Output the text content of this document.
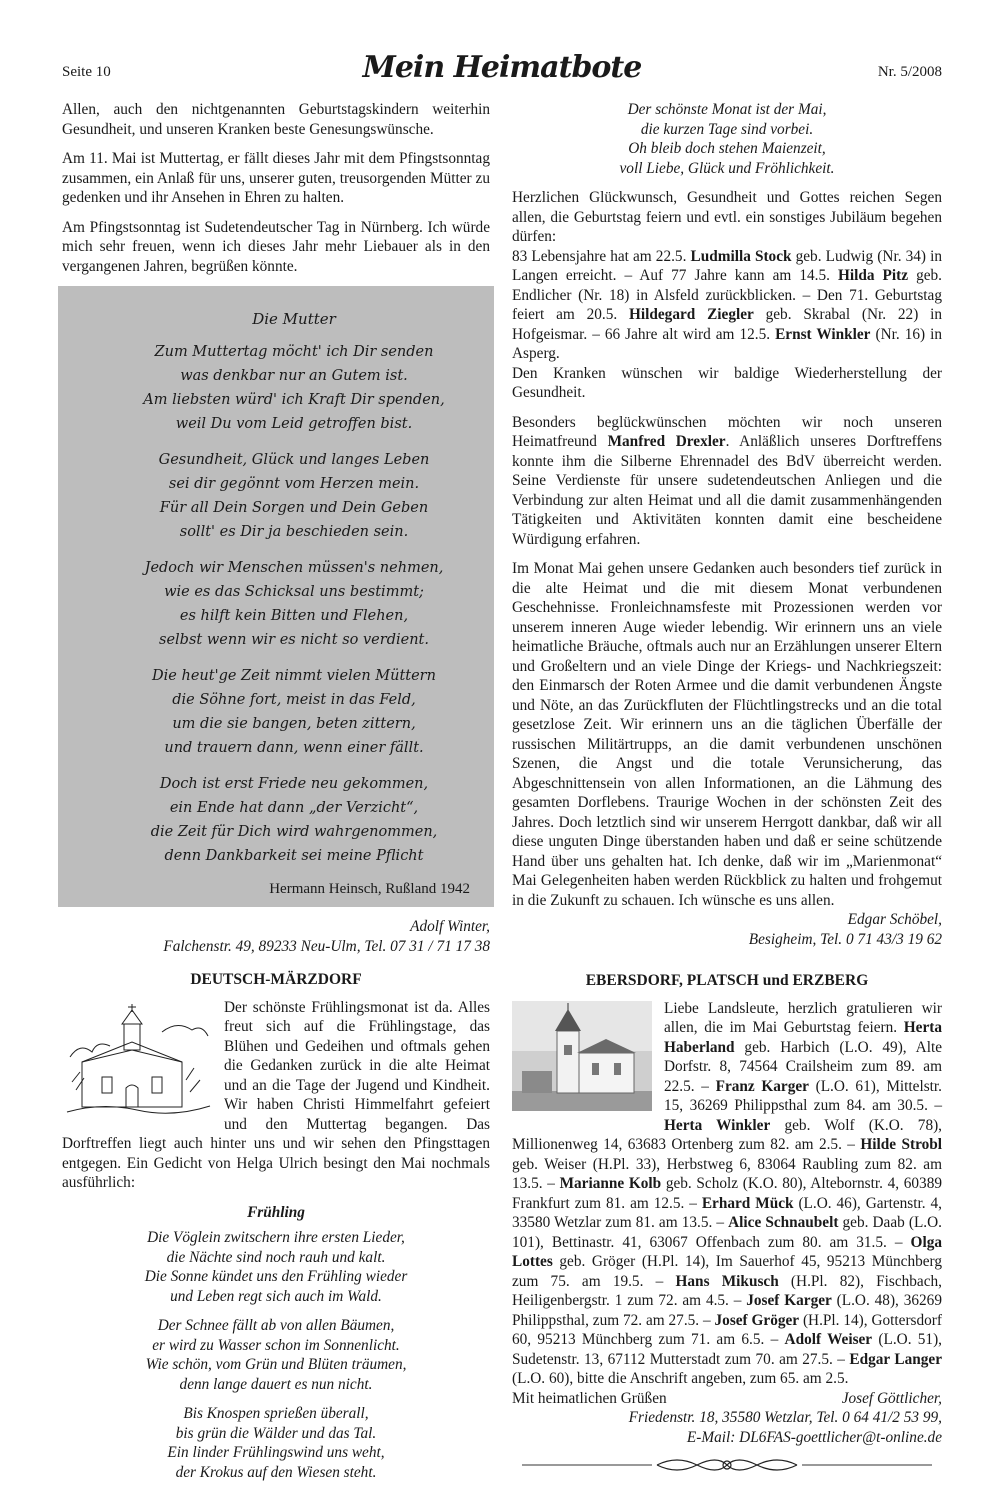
Seite 10	Mein Heimatbote	Nr. 5/2008

Allen, auch den nichtgenannten Geburtstagskindern weiterhin Gesundheit, und unseren Kranken beste Genesungswünsche.

Am 11. Mai ist Muttertag, er fällt dieses Jahr mit dem Pfingstsonntag zusammen, ein Anlaß für uns, unserer guten, treusorgenden Mütter zu gedenken und ihr Ansehen in Ehren zu halten.

Am Pfingstsonntag ist Sudetendeutscher Tag in Nürnberg. Ich würde mich sehr freuen, wenn ich dieses Jahr mehr Liebauer als in den vergangenen Jahren, begrüßen könnte.

Die Mutter
Zum Muttertag möcht' ich Dir senden
was denkbar nur an Gutem ist.
Am liebsten würd' ich Kraft Dir spenden,
weil Du vom Leid getroffen bist.
Gesundheit, Glück und langes Leben
sei dir gegönnt vom Herzen mein.
Für all Dein Sorgen und Dein Geben
sollt' es Dir ja beschieden sein.
Jedoch wir Menschen müssen's nehmen,
wie es das Schicksal uns bestimmt;
es hilft kein Bitten und Flehen,
selbst wenn wir es nicht so verdient.
Die heut'ge Zeit nimmt vielen Müttern
die Söhne fort, meist in das Feld,
um die sie bangen, beten zittern,
und trauern dann, wenn einer fällt.
Doch ist erst Friede neu gekommen,
ein Ende hat dann „der Verzicht“,
die Zeit für Dich wird wahrgenommen,
denn Dankbarkeit sei meine Pflicht
Hermann Heinsch, Rußland 1942
Adolf Winter,
Falchenstr. 49, 89233 Neu-Ulm, Tel. 07 31 / 71 17 38
DEUTSCH-MÄRZDORF

Der schönste Frühlingsmonat ist da. Alles freut sich auf die Frühlingstage, das Blühen und Gedeihen und oftmals gehen die Gedanken zurück in die alte Heimat und an die Tage der Jugend und Kindheit. Wir haben Christi Himmelfahrt gefeiert und den Muttertag begangen. Das Dorftreffen liegt auch hinter uns und wir sehen den Pfingsttagen entgegen. Ein Gedicht von Helga Ulrich besingt den Mai nochmals ausführlich:

Frühling
Die Vöglein zwitschern ihre ersten Lieder,
die Nächte sind noch rauh und kalt.
Die Sonne kündet uns den Frühling wieder
und Leben regt sich auch im Wald.
Der Schnee fällt ab von allen Bäumen,
er wird zu Wasser schon im Sonnenlicht.
Wie schön, vom Grün und Blüten träumen,
denn lange dauert es nun nicht.
Bis Knospen sprießen überall,
bis grün die Wälder und das Tal.
Ein linder Frühlingswind uns weht,
der Krokus auf den Wiesen steht.
Der schönste Monat ist der Mai,
die kurzen Tage sind vorbei.
Oh bleib doch stehen Maienzeit,
voll Liebe, Glück und Fröhlichkeit.

Herzlichen Glückwunsch, Gesundheit und Gottes reichen Segen allen, die Geburtstag feiern und evtl. ein sonstiges Jubiläum begehen dürfen:

83 Lebensjahre hat am 22.5. Ludmilla Stock geb. Ludwig (Nr. 34) in Langen erreicht. – Auf 77 Jahre kann am 14.5. Hilda Pitz geb. Endlicher (Nr. 18) in Alsfeld zurückblicken. – Den 71. Geburtstag feiert am 20.5. Hildegard Ziegler geb. Skrabal (Nr. 22) in Hofgeismar. – 66 Jahre alt wird am 12.5. Ernst Winkler (Nr. 16) in Asperg.

Den Kranken wünschen wir baldige Wiederherstellung der Gesundheit.

Besonders beglückwünschen möchten wir noch unseren Heimatfreund Manfred Drexler. Anläßlich unseres Dorftreffens konnte ihm die Silberne Ehrennadel des BdV überreicht werden. Seine Verdienste für unsere sudetendeutschen Anliegen und die Verbindung zur alten Heimat und all die damit zusammenhängenden Tätigkeiten und Aktivitäten konnten damit eine bescheidene Würdigung erfahren.

Im Monat Mai gehen unsere Gedanken auch besonders tief zurück in die alte Heimat und die mit diesem Monat verbundenen Geschehnisse. Fronleichnamsfeste mit Prozessionen werden vor unserem inneren Auge wieder lebendig. Wir erinnern uns an viele heimatliche Bräuche, oftmals auch nur an Erzählungen unserer Eltern und Großeltern und an viele Dinge der Kriegs- und Nachkriegszeit: den Einmarsch der Roten Armee und die damit verbundenen Ängste und Nöte, an das Zurückfluten der Flüchtlingstrecks und an die total gesetzlose Zeit. Wir erinnern uns an die täglichen Überfälle der russischen Militärtrupps, an die damit verbundenen unschönen Szenen, die Angst und die totale Verunsicherung, das Abgeschnittensein von allen Informationen, an die Lähmung des gesamten Dorflebens. Traurige Wochen in der schönsten Zeit des Jahres. Doch letztlich sind wir unserem Herrgott dankbar, daß wir all diese unguten Dinge überstanden haben und daß er seine schützende Hand über uns gehalten hat. Ich denke, daß wir im „Marienmonat“ Mai Gelegenheiten haben werden Rückblick zu halten und frohgemut in die Zukunft zu schauen. Ich wünsche es uns allen.

Edgar Schöbel,
Besigheim, Tel. 0 71 43/3 19 62
EBERSDORF, PLATSCH und ERZBERG

Liebe Landsleute, herzlich gratulieren wir allen, die im Mai Geburtstag feiern. Herta Haberland geb. Harbich (L.O. 49), Alte Dorfstr. 8, 74564 Crailsheim zum 89. am 22.5. – Franz Karger (L.O. 61), Mittelstr. 15, 36269 Philippsthal zum 84. am 30.5. – Herta Winkler geb. Wolf (K.O. 78), Millionenweg 14, 63683 Ortenberg zum 82. am 2.5. – Hilde Strobl geb. Weiser (H.Pl. 33), Herbstweg 6, 83064 Raubling zum 82. am 13.5. – Marianne Kolb geb. Scholz (K.O. 80), Altebornstr. 4, 60389 Frankfurt zum 81. am 12.5. – Erhard Mück (L.O. 46), Gartenstr. 4, 33580 Wetzlar zum 81. am 13.5. – Alice Schnaubelt geb. Daab (L.O. 101), Bettinastr. 41, 63067 Offenbach zum 80. am 31.5. – Olga Lottes geb. Gröger (H.Pl. 14), Im Sauerhof 45, 95213 Münchberg zum 75. am 19.5. – Hans Mikusch (H.Pl. 82), Fischbach, Heiligenbergstr. 1 zum 72. am 4.5. – Josef Karger (L.O. 48), 36269 Philippsthal, zum 72. am 27.5. – Josef Gröger (H.Pl. 14), Gottersdorf 60, 95213 Münchberg zum 71. am 6.5. – Adolf Weiser (L.O. 51), Sudetenstr. 13, 67112 Mutterstadt zum 70. am 27.5. – Edgar Langer (L.O. 60), bitte die Anschrift angeben, zum 65. am 2.5.

Mit heimatlichen Grüßen	Josef Göttlicher,
Friedenstr. 18, 35580 Wetzlar, Tel. 0 64 41/2 53 99,
E-Mail: DL6FAS-goettlicher@t-online.de
